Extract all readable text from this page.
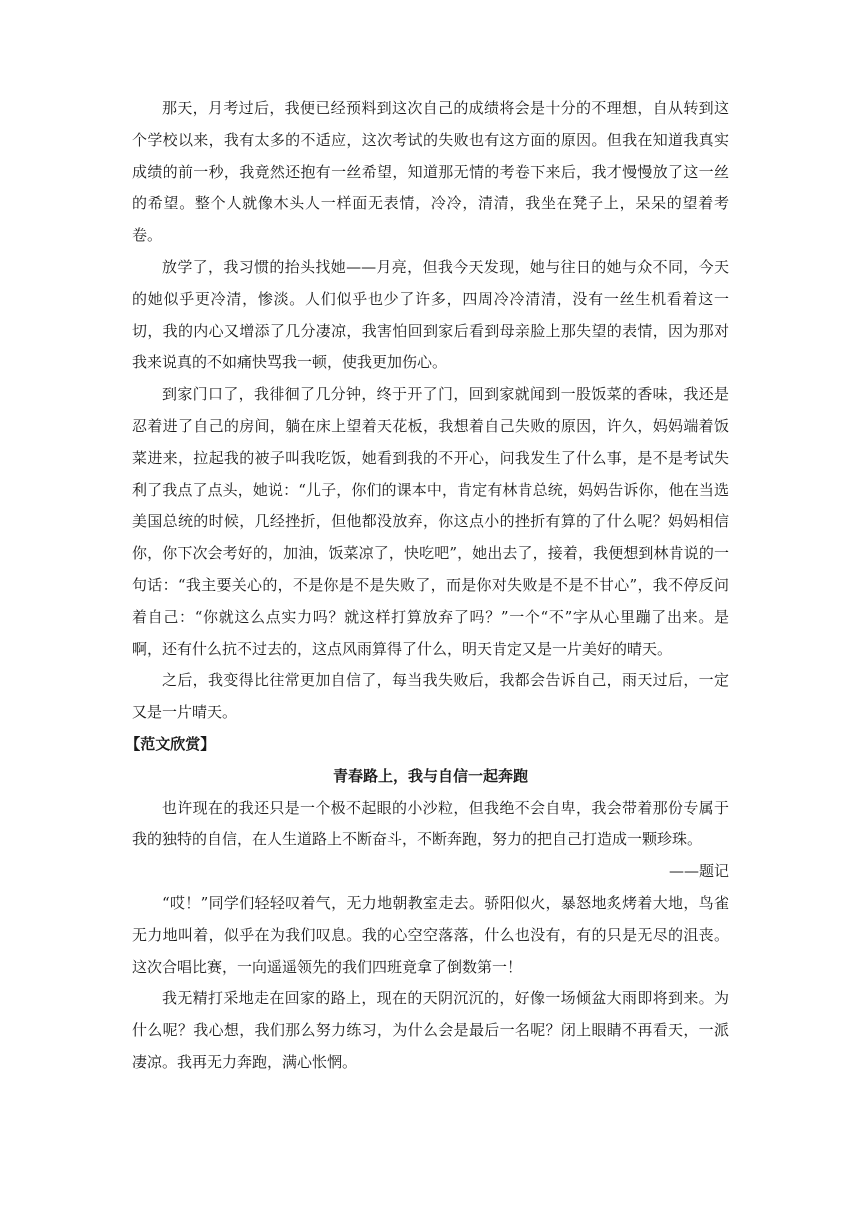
那天，月考过后，我便已经预料到这次自己的成绩将会是十分的不理想，自从转到这个学校以来，我有太多的不适应，这次考试的失败也有这方面的原因。但我在知道我真实成绩的前一秒，我竟然还抱有一丝希望，知道那无情的考卷下来后，我才慢慢放了这一丝的希望。整个人就像木头人一样面无表情，冷冷，清清，我坐在凳子上，呆呆的望着考卷。

放学了，我习惯的抬头找她——月亮，但我今天发现，她与往日的她与众不同，今天的她似乎更冷清，惨淡。人们似乎也少了许多，四周冷冷清清，没有一丝生机看着这一切，我的内心又增添了几分凄凉，我害怕回到家后看到母亲脸上那失望的表情，因为那对我来说真的不如痛快骂我一顿，使我更加伤心。

到家门口了，我徘徊了几分钟，终于开了门，回到家就闻到一股饭菜的香味，我还是忍着进了自己的房间，躺在床上望着天花板，我想着自己失败的原因，许久，妈妈端着饭菜进来，拉起我的被子叫我吃饭，她看到我的不开心，问我发生了什么事，是不是考试失利了我点了点头，她说：“儿子，你们的课本中，肯定有林肯总统，妈妈告诉你，他在当选美国总统的时候，几经挫折，但他都没放弃，你这点小的挫折有算的了什么呢？妈妈相信你，你下次会考好的，加油，饭菜凉了，快吃吧”，她出去了，接着，我便想到林肯说的一句话：“我主要关心的，不是你是不是失败了，而是你对失败是不是不甘心”，我不停反问着自己：“你就这么点实力吗？就这样打算放弃了吗？”一个“不”字从心里蹦了出来。是啊，还有什么抗不过去的，这点风雨算得了什么，明天肯定又是一片美好的晴天。

之后，我变得比往常更加自信了，每当我失败后，我都会告诉自己，雨天过后，一定又是一片晴天。

【范文欣赏】
青春路上，我与自信一起奔跑

也许现在的我还只是一个极不起眼的小沙粒，但我绝不会自卑，我会带着那份专属于我的独特的自信，在人生道路上不断奋斗，不断奔跑，努力的把自己打造成一颗珍珠。

——题记

“哎！”同学们轻轻叹着气，无力地朝教室走去。骄阳似火，暴怒地炙烤着大地，鸟雀无力地叫着，似乎在为我们叹息。我的心空空落落，什么也没有，有的只是无尽的沮丧。这次合唱比赛，一向遥遥领先的我们四班竟拿了倒数第一！

我无精打采地走在回家的路上，现在的天阴沉沉的，好像一场倾盆大雨即将到来。为什么呢？我心想，我们那么努力练习，为什么会是最后一名呢？闭上眼睛不再看天，一派凄凉。我再无力奔跑，满心怅惘。
